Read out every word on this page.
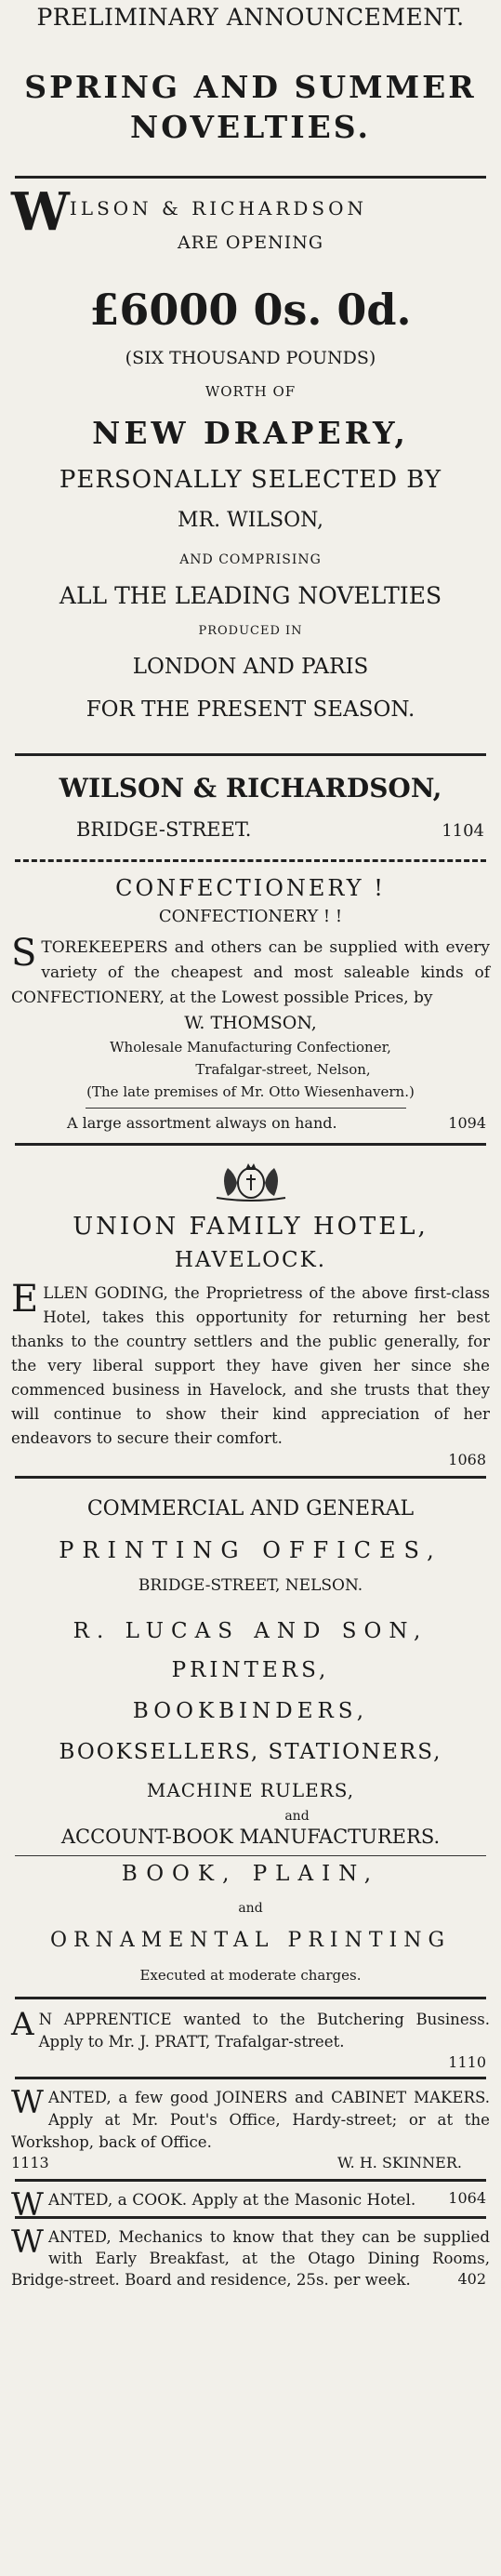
PRELIMINARY ANNOUNCEMENT.
SPRING AND SUMMER
NOVELTIES.
WILSON & RICHARDSON
ARE OPENING
£6000 0s. 0d.
(SIX THOUSAND POUNDS)
WORTH OF
NEW DRAPERY,
PERSONALLY SELECTED BY
MR. WILSON,
AND COMPRISING
ALL THE LEADING NOVELTIES
PRODUCED IN
LONDON AND PARIS
FOR THE PRESENT SEASON.
WILSON & RICHARDSON,
BRIDGE-STREET.	1104
CONFECTIONERY !
CONFECTIONERY ! !
STOREKEEPERS and others can be supplied with every variety of the cheapest and most saleable kinds of CONFECTIONERY, at the Lowest possible Prices, by
W. THOMSON,
Wholesale Manufacturing Confectioner,
Trafalgar-street, Nelson,
(The late premises of Mr. Otto Wiesenhavern.)
A large assortment always on hand.	1094
UNION FAMILY HOTEL,
HAVELOCK.
ELLEN GODING, the Proprietress of the above first-class Hotel, takes this opportunity for returning her best thanks to the country settlers and the public generally, for the very liberal support they have given her since she commenced business in Havelock, and she trusts that they will continue to show their kind appreciation of her endeavors to secure their comfort.
1068
COMMERCIAL AND GENERAL
PRINTING OFFICES,
BRIDGE-STREET, NELSON.
R. LUCAS AND SON,
PRINTERS,
BOOKBINDERS,
BOOKSELLERS, STATIONERS,
MACHINE RULERS,
and
ACCOUNT-BOOK MANUFACTURERS.
BOOK, PLAIN,
and
ORNAMENTAL PRINTING
Executed at moderate charges.
A N APPRENTICE wanted to the Butchering Business. Apply to Mr. J. PRATT, Trafalgar-street.
1110
WANTED, a few good JOINERS and CABINET MAKERS. Apply at Mr. Pout's Office, Hardy-street; or at the Workshop, back of Office.
1113	W. H. SKINNER.
WANTED, a COOK. Apply at the Masonic Hotel.	1064
WANTED, Mechanics to know that they can be supplied with Early Breakfast, at the Otago Dining Rooms, Bridge-street. Board and residence, 25s. per week.	402
